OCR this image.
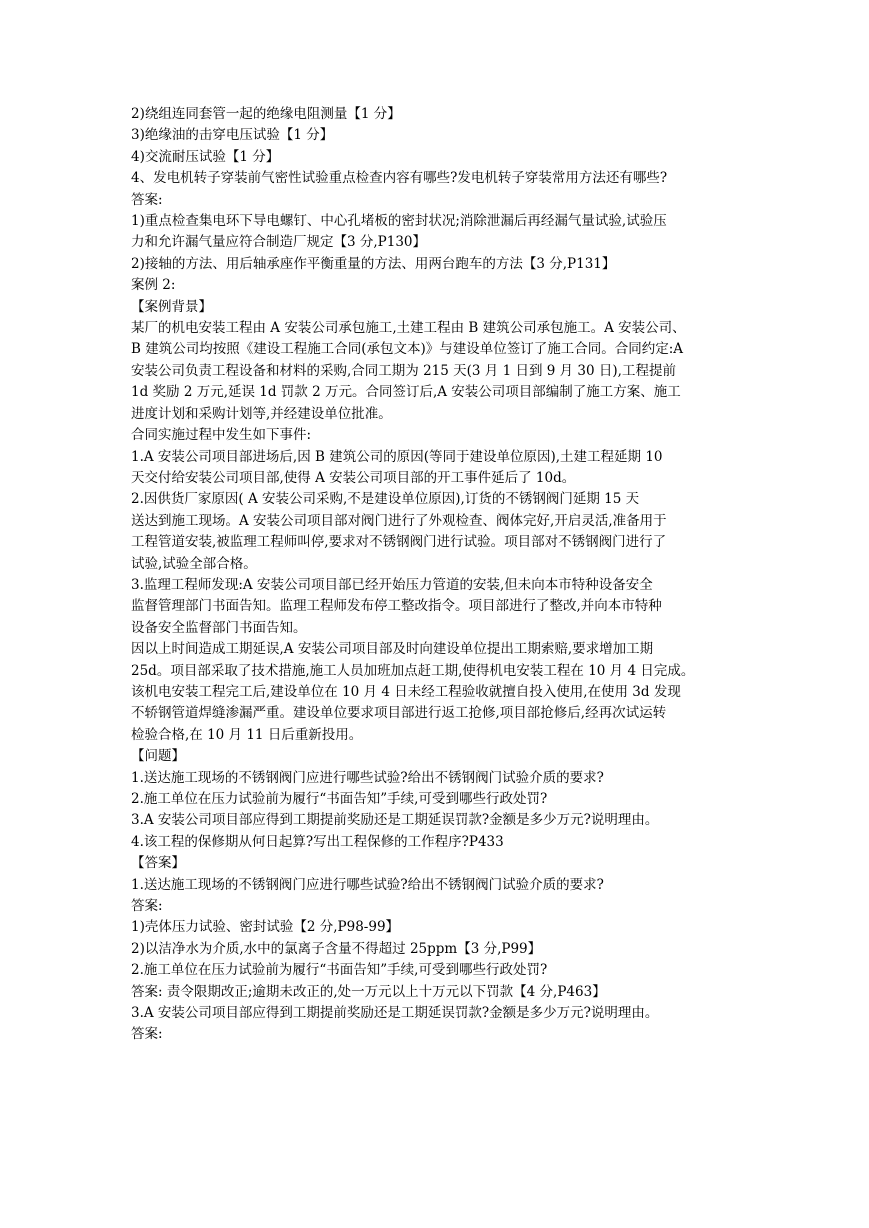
2)绕组连同套管一起的绝缘电阻测量【1 分】

3)绝缘油的击穿电压试验【1 分】

4)交流耐压试验【1 分】

4、发电机转子穿装前气密性试验重点检查内容有哪些?发电机转子穿装常用方法还有哪些?

答案:

1)重点检查集电环下导电螺钉、中心孔堵板的密封状况;消除泄漏后再经漏气量试验,试验压

力和允许漏气量应符合制造厂规定【3 分,P130】

2)接轴的方法、用后轴承座作平衡重量的方法、用两台跑车的方法【3 分,P131】

案例 2:

【案例背景】

某厂的机电安装工程由 A 安装公司承包施工,土建工程由 B 建筑公司承包施工。A 安装公司、

B 建筑公司均按照《建设工程施工合同(承包文本)》与建设单位签订了施工合同。合同约定:A

安装公司负责工程设备和材料的采购,合同工期为 215 天(3 月 1 日到 9 月 30 日),工程提前

1d 奖励 2 万元,延误 1d 罚款 2 万元。合同签订后,A 安装公司项目部编制了施工方案、施工

进度计划和采购计划等,并经建设单位批准。

合同实施过程中发生如下事件:

1.A 安装公司项目部进场后,因 B 建筑公司的原因(等同于建设单位原因),土建工程延期 10

天交付给安装公司项目部,使得 A 安装公司项目部的开工事件延后了 10d。

2.因供货厂家原因( A 安装公司采购,不是建设单位原因),订货的不锈钢阀门延期 15 天

送达到施工现场。A 安装公司项目部对阀门进行了外观检查、阀体完好,开启灵活,准备用于

工程管道安装,被监理工程师叫停,要求对不锈钢阀门进行试验。项目部对不锈钢阀门进行了

试验,试验全部合格。

3.监理工程师发现:A 安装公司项目部已经开始压力管道的安装,但未向本市特种设备安全

监督管理部门书面告知。监理工程师发布停工整改指令。项目部进行了整改,并向本市特种

设备安全监督部门书面告知。

因以上时间造成工期延误,A 安装公司项目部及时向建设单位提出工期索赔,要求增加工期

25d。项目部采取了技术措施,施工人员加班加点赶工期,使得机电安装工程在 10 月 4 日完成。

该机电安装工程完工后,建设单位在 10 月 4 日未经工程验收就擅自投入使用,在使用 3d 发现

不轿钢管道焊缝渗漏严重。建设单位要求项目部进行返工抢修,项目部抢修后,经再次试运转

检验合格,在 10 月 11 日后重新投用。

【问题】

1.送达施工现场的不锈钢阀门应进行哪些试验?给出不锈钢阀门试验介质的要求?

2.施工单位在压力试验前为履行“书面告知”手续,可受到哪些行政处罚?

3.A 安装公司项目部应得到工期提前奖励还是工期延误罚款?金额是多少万元?说明理由。

4.该工程的保修期从何日起算?写出工程保修的工作程序?P433

【答案】

1.送达施工现场的不锈钢阀门应进行哪些试验?给出不锈钢阀门试验介质的要求?

答案:

1)壳体压力试验、密封试验【2 分,P98-99】

2)以洁净水为介质,水中的氯离子含量不得超过 25ppm【3 分,P99】

2.施工单位在压力试验前为履行“书面告知”手续,可受到哪些行政处罚?

答案: 责令限期改正;逾期未改正的,处一万元以上十万元以下罚款【4 分,P463】

3.A 安装公司项目部应得到工期提前奖励还是工期延误罚款?金额是多少万元?说明理由。

答案:
